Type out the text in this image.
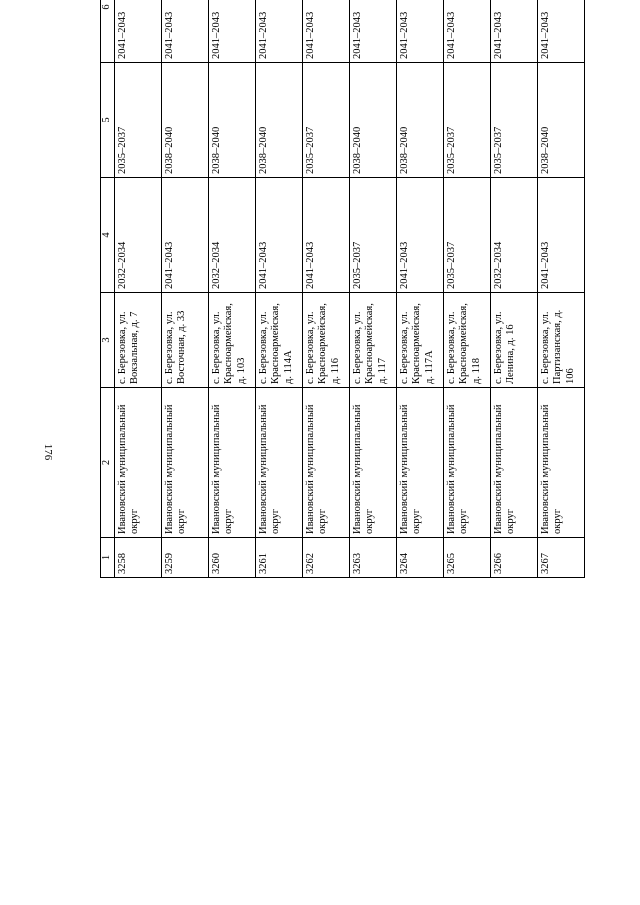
176
1	2	3	4	5	6	
3258	Ивановский муниципальный округ	с. Березовка, ул. Вокзальная, д. 7	2032–2034	2035–2037	2041–2043	
3259	Ивановский муниципальный округ	с. Березовка, ул. Восточная, д. 33	2041–2043	2038–2040	2041–2043	
3260	Ивановский муниципальный округ	с. Березовка, ул. Красноармейская, д. 103	2032–2034	2038–2040	2041–2043	
3261	Ивановский муниципальный округ	с. Березовка, ул. Красноармейская, д. 114А	2041–2043	2038–2040	2041–2043	
3262	Ивановский муниципальный округ	с. Березовка, ул. Красноармейская, д. 116	2041–2043	2035–2037	2041–2043	
3263	Ивановский муниципальный округ	с. Березовка, ул. Красноармейская, д. 117	2035–2037	2038–2040	2041–2043	
3264	Ивановский муниципальный округ	с. Березовка, ул. Красноармейская, д. 117А	2041–2043	2038–2040	2041–2043	
3265	Ивановский муниципальный округ	с. Березовка, ул. Красноармейская, д. 118	2035–2037	2035–2037	2041–2043	
3266	Ивановский муниципальный округ	с. Березовка, ул. Ленина, д. 16	2032–2034	2035–2037	2041–2043	
3267	Ивановский муниципальный округ	с. Березовка, ул. Партизанская, д. 106	2041–2043	2038–2040	2041–2043	
